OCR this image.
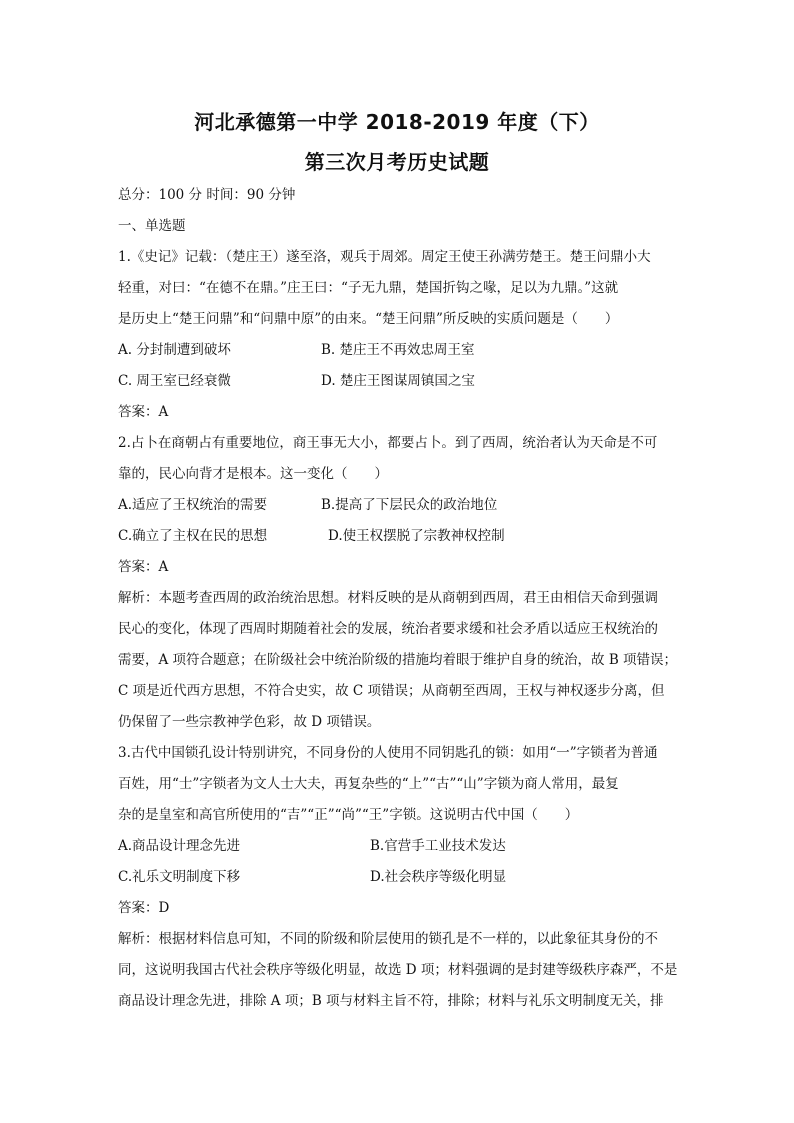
河北承德第一中学 2018-2019 年度（下）
第三次月考历史试题
总分：100 分 时间：90 分钟
一、单选题

1.《史记》记载：（楚庄王）遂至洛，观兵于周郊。周定王使王孙满劳楚王。楚王问鼎小大

轻重，对曰：“在德不在鼎。”庄王曰：“子无九鼎，楚国折钩之喙，足以为九鼎。”这就

是历史上“楚王问鼎”和“问鼎中原”的由来。“楚王问鼎”所反映的实质问题是（　　）

A. 分封制遭到破坏	B. 楚庄王不再效忠周王室
C. 周王室已经衰微	D. 楚庄王图谋周镇国之宝
答案：A

2.占卜在商朝占有重要地位，商王事无大小，都要占卜。到了西周，统治者认为天命是不可

靠的，民心向背才是根本。这一变化（　　）

A.适应了王权统治的需要	B.提高了下层民众的政治地位
C.确立了主权在民的思想	D.使王权摆脱了宗教神权控制
答案：A

解析：本题考查西周的政治统治思想。材料反映的是从商朝到西周，君王由相信天命到强调

民心的变化，体现了西周时期随着社会的发展，统治者要求缓和社会矛盾以适应王权统治的

需要，A 项符合题意；在阶级社会中统治阶级的措施均着眼于维护自身的统治，故 B 项错误；

C 项是近代西方思想，不符合史实，故 C 项错误；从商朝至西周，王权与神权逐步分离，但

仍保留了一些宗教神学色彩，故 D 项错误。

3.古代中国锁孔设计特别讲究，不同身份的人使用不同钥匙孔的锁：如用“一”字锁者为普通

百姓，用“士”字锁者为文人士大夫，再复杂些的“上”“古”“山”字锁为商人常用，最复

杂的是皇室和高官所使用的“吉”“正”“尚”“王”字锁。这说明古代中国（　　）

A.商品设计理念先进	B.官营手工业技术发达
C.礼乐文明制度下移	D.社会秩序等级化明显
答案：D

解析：根据材料信息可知，不同的阶级和阶层使用的锁孔是不一样的，以此象征其身份的不

同，这说明我国古代社会秩序等级化明显，故选 D 项；材料强调的是封建等级秩序森严，不是

商品设计理念先进，排除 A 项；B 项与材料主旨不符，排除；材料与礼乐文明制度无关，排
